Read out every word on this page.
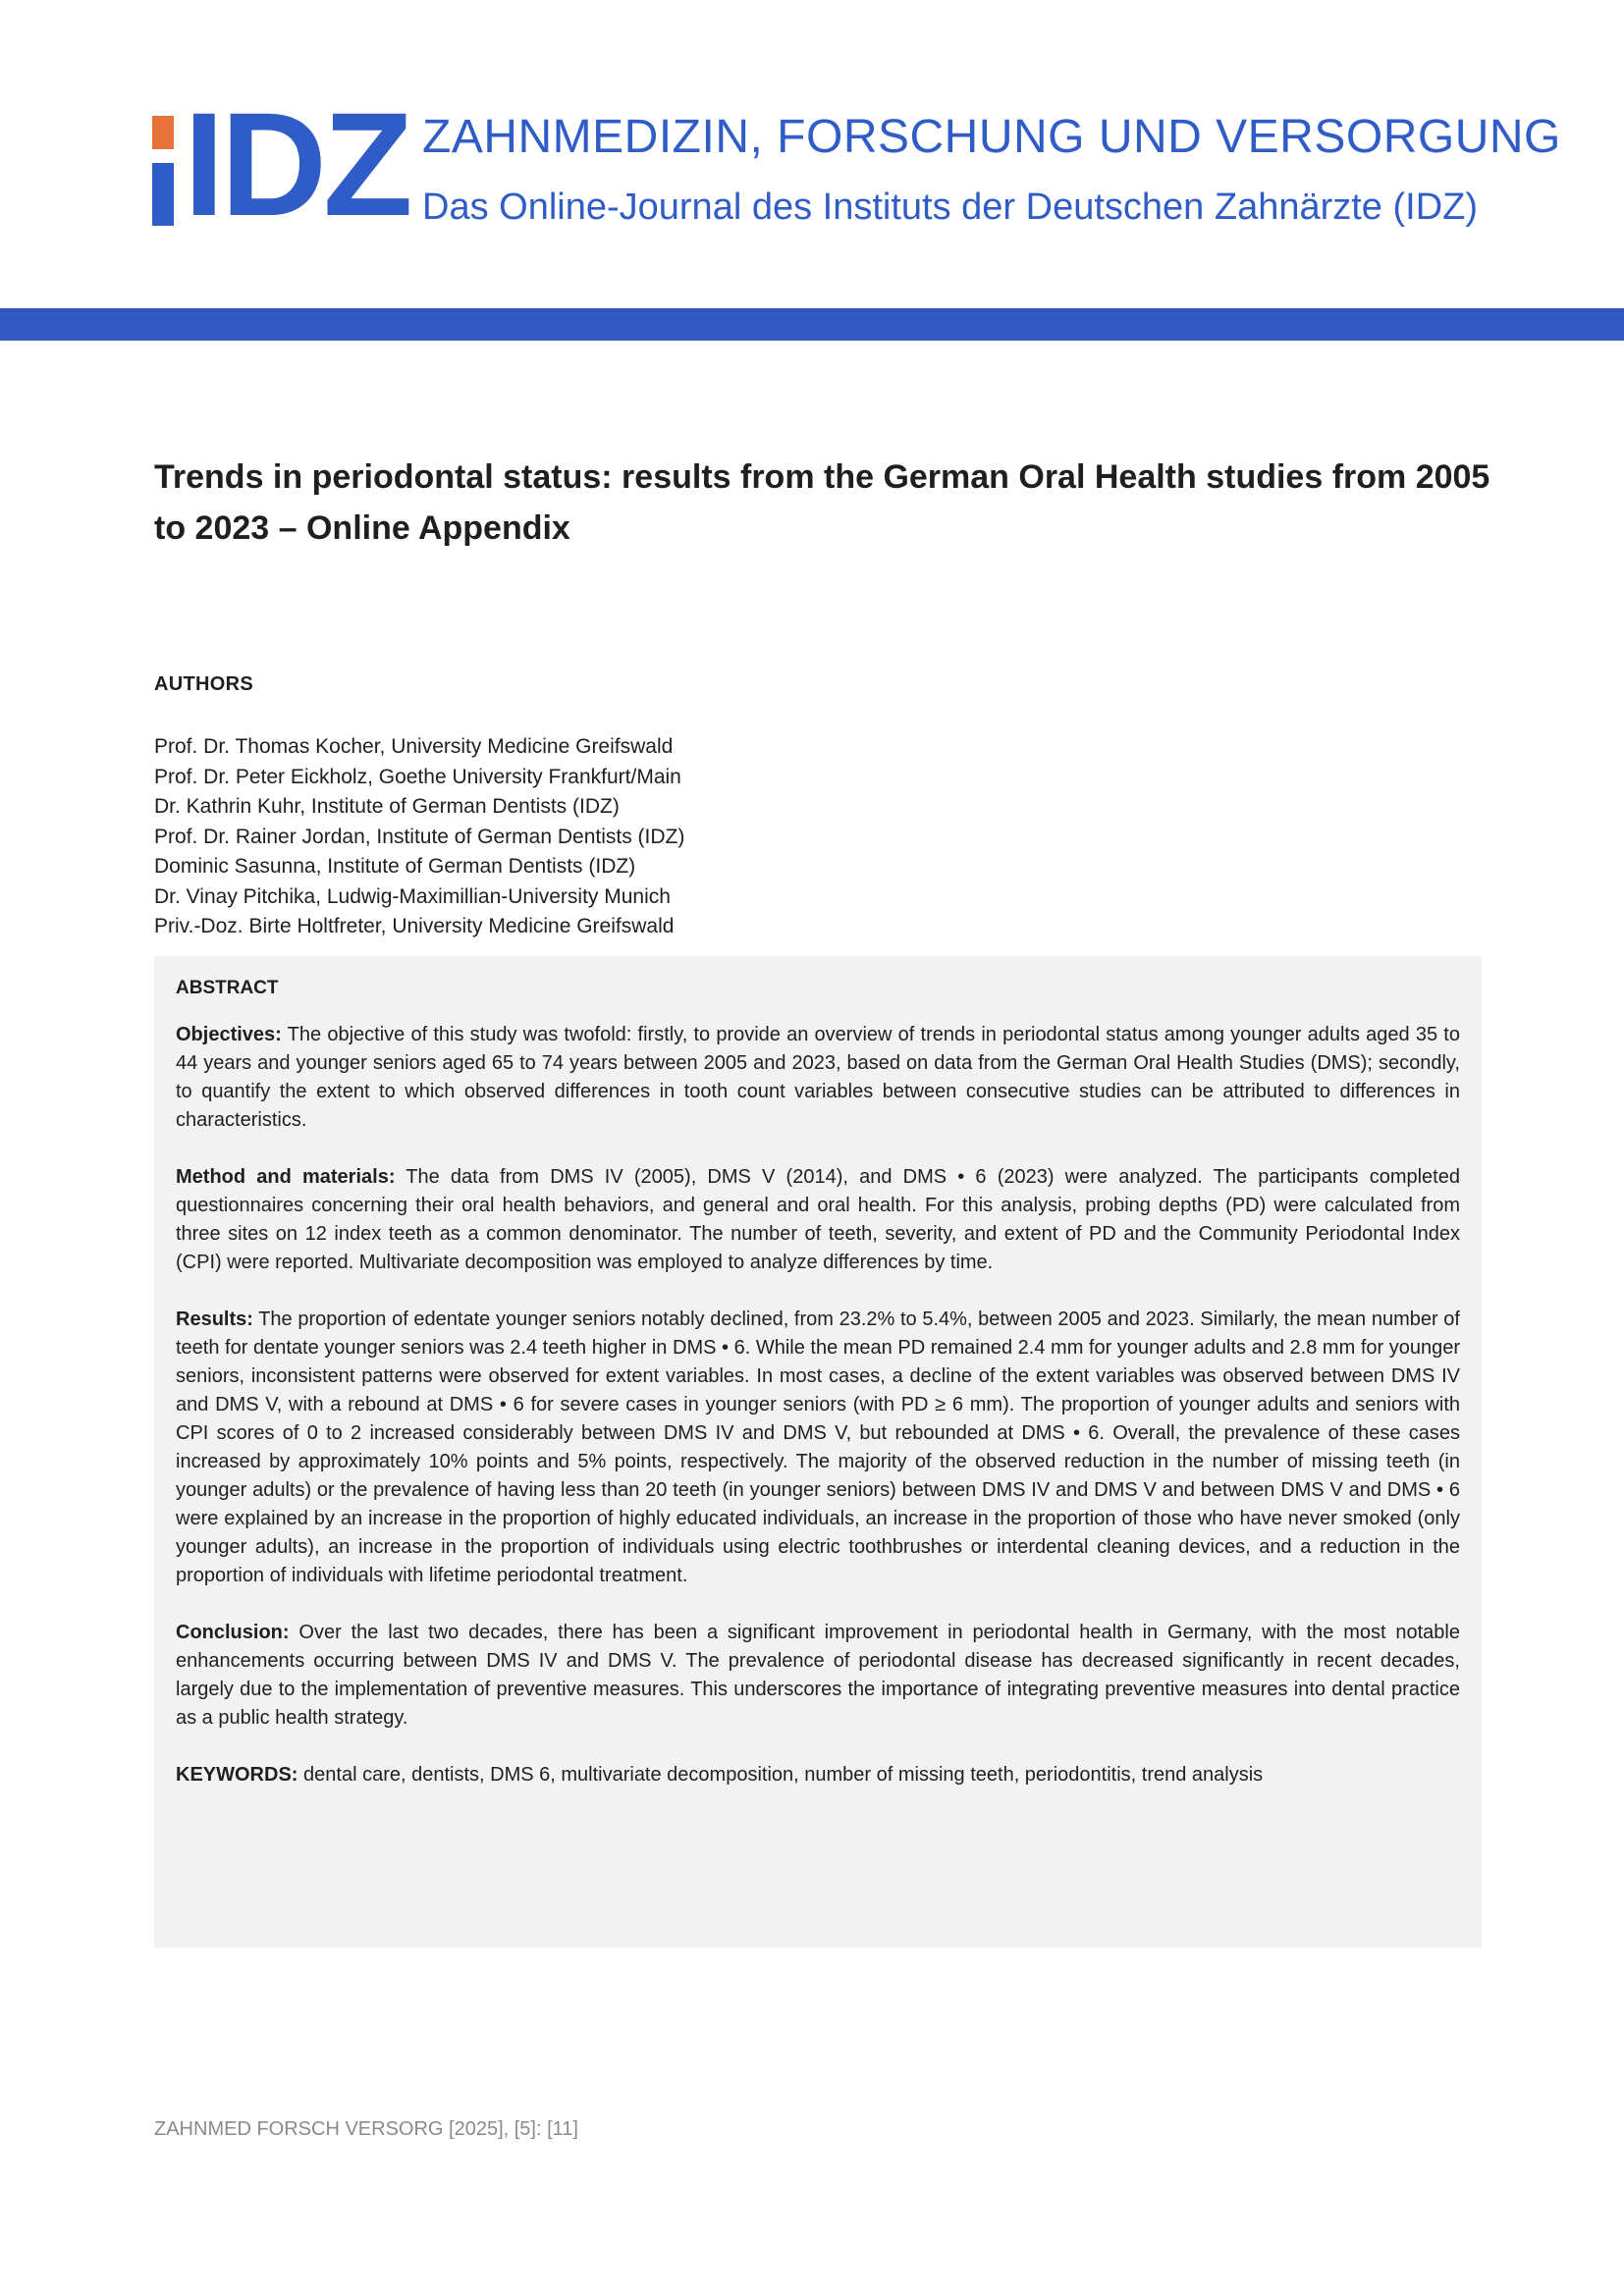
IDZ ZAHNMEDIZIN, FORSCHUNG UND VERSORGUNG
Das Online-Journal des Instituts der Deutschen Zahnärzte (IDZ)
Trends in periodontal status: results from the German Oral Health studies from 2005 to 2023 – Online Appendix
AUTHORS
Prof. Dr. Thomas Kocher, University Medicine Greifswald
Prof. Dr. Peter Eickholz, Goethe University Frankfurt/Main
Dr. Kathrin Kuhr, Institute of German Dentists (IDZ)
Prof. Dr. Rainer Jordan, Institute of German Dentists (IDZ)
Dominic Sasunna, Institute of German Dentists (IDZ)
Dr. Vinay Pitchika, Ludwig-Maximillian-University Munich
Priv.-Doz. Birte Holtfreter, University Medicine Greifswald
ABSTRACT

Objectives: The objective of this study was twofold: firstly, to provide an overview of trends in periodontal status among younger adults aged 35 to 44 years and younger seniors aged 65 to 74 years between 2005 and 2023, based on data from the German Oral Health Studies (DMS); secondly, to quantify the extent to which observed differences in tooth count variables between consecutive studies can be attributed to differences in characteristics.

Method and materials: The data from DMS IV (2005), DMS V (2014), and DMS • 6 (2023) were analyzed. The participants completed questionnaires concerning their oral health behaviors, and general and oral health. For this analysis, probing depths (PD) were calculated from three sites on 12 index teeth as a common denominator. The number of teeth, severity, and extent of PD and the Community Periodontal Index (CPI) were reported. Multivariate decomposition was employed to analyze differences by time.

Results: The proportion of edentate younger seniors notably declined, from 23.2% to 5.4%, between 2005 and 2023. Similarly, the mean number of teeth for dentate younger seniors was 2.4 teeth higher in DMS • 6. While the mean PD remained 2.4 mm for younger adults and 2.8 mm for younger seniors, inconsistent patterns were observed for extent variables. In most cases, a decline of the extent variables was observed between DMS IV and DMS V, with a rebound at DMS • 6 for severe cases in younger seniors (with PD ≥ 6 mm). The proportion of younger adults and seniors with CPI scores of 0 to 2 increased considerably between DMS IV and DMS V, but rebounded at DMS • 6. Overall, the prevalence of these cases increased by approximately 10% points and 5% points, respectively. The majority of the observed reduction in the number of missing teeth (in younger adults) or the prevalence of having less than 20 teeth (in younger seniors) between DMS IV and DMS V and between DMS V and DMS • 6 were explained by an increase in the proportion of highly educated individuals, an increase in the proportion of those who have never smoked (only younger adults), an increase in the proportion of individuals using electric toothbrushes or interdental cleaning devices, and a reduction in the proportion of individuals with lifetime periodontal treatment.

Conclusion: Over the last two decades, there has been a significant improvement in periodontal health in Germany, with the most notable enhancements occurring between DMS IV and DMS V. The prevalence of periodontal disease has decreased significantly in recent decades, largely due to the implementation of preventive measures. This underscores the importance of integrating preventive measures into dental practice as a public health strategy.

KEYWORDS: dental care, dentists, DMS 6, multivariate decomposition, number of missing teeth, periodontitis, trend analysis

ZAHNMED FORSCH VERSORG [2025], [5]: [11]
